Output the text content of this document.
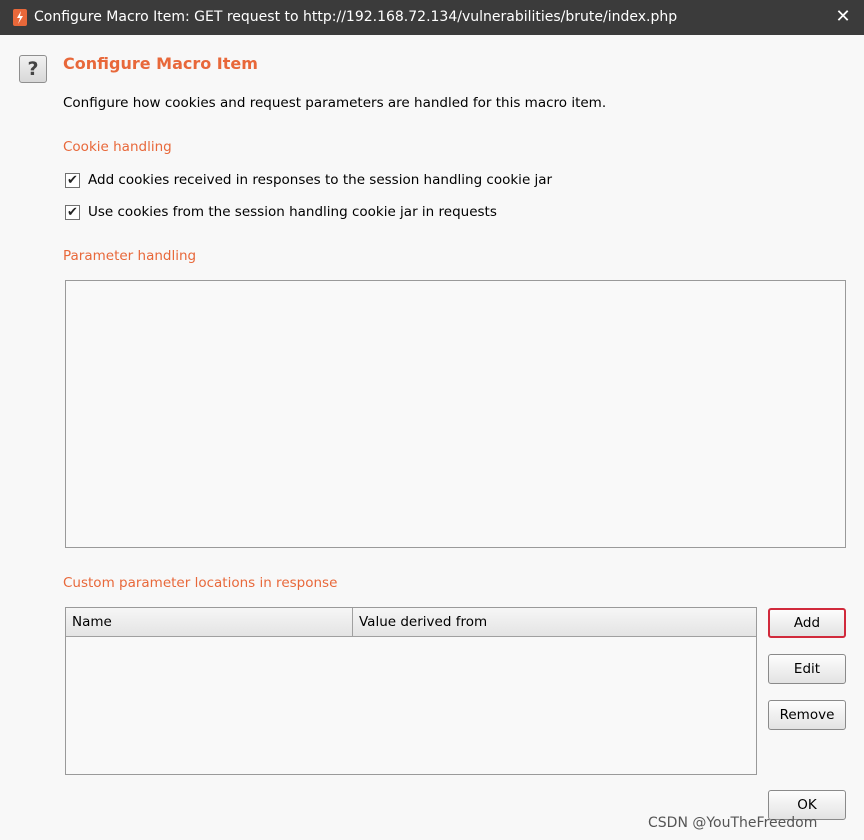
Configure Macro Item: GET request to http://192.168.72.134/vulnerabilities/brute/index.php	✕
?	Configure Macro Item
Configure how cookies and request parameters are handled for this macro item.
Cookie handling
✔ Add cookies received in responses to the session handling cookie jar
✔ Use cookies from the session handling cookie jar in requests
Parameter handling
Custom parameter locations in response
Name	Value derived from	Add
Edit
Remove
OK
CSDN @YouTheFreedom
